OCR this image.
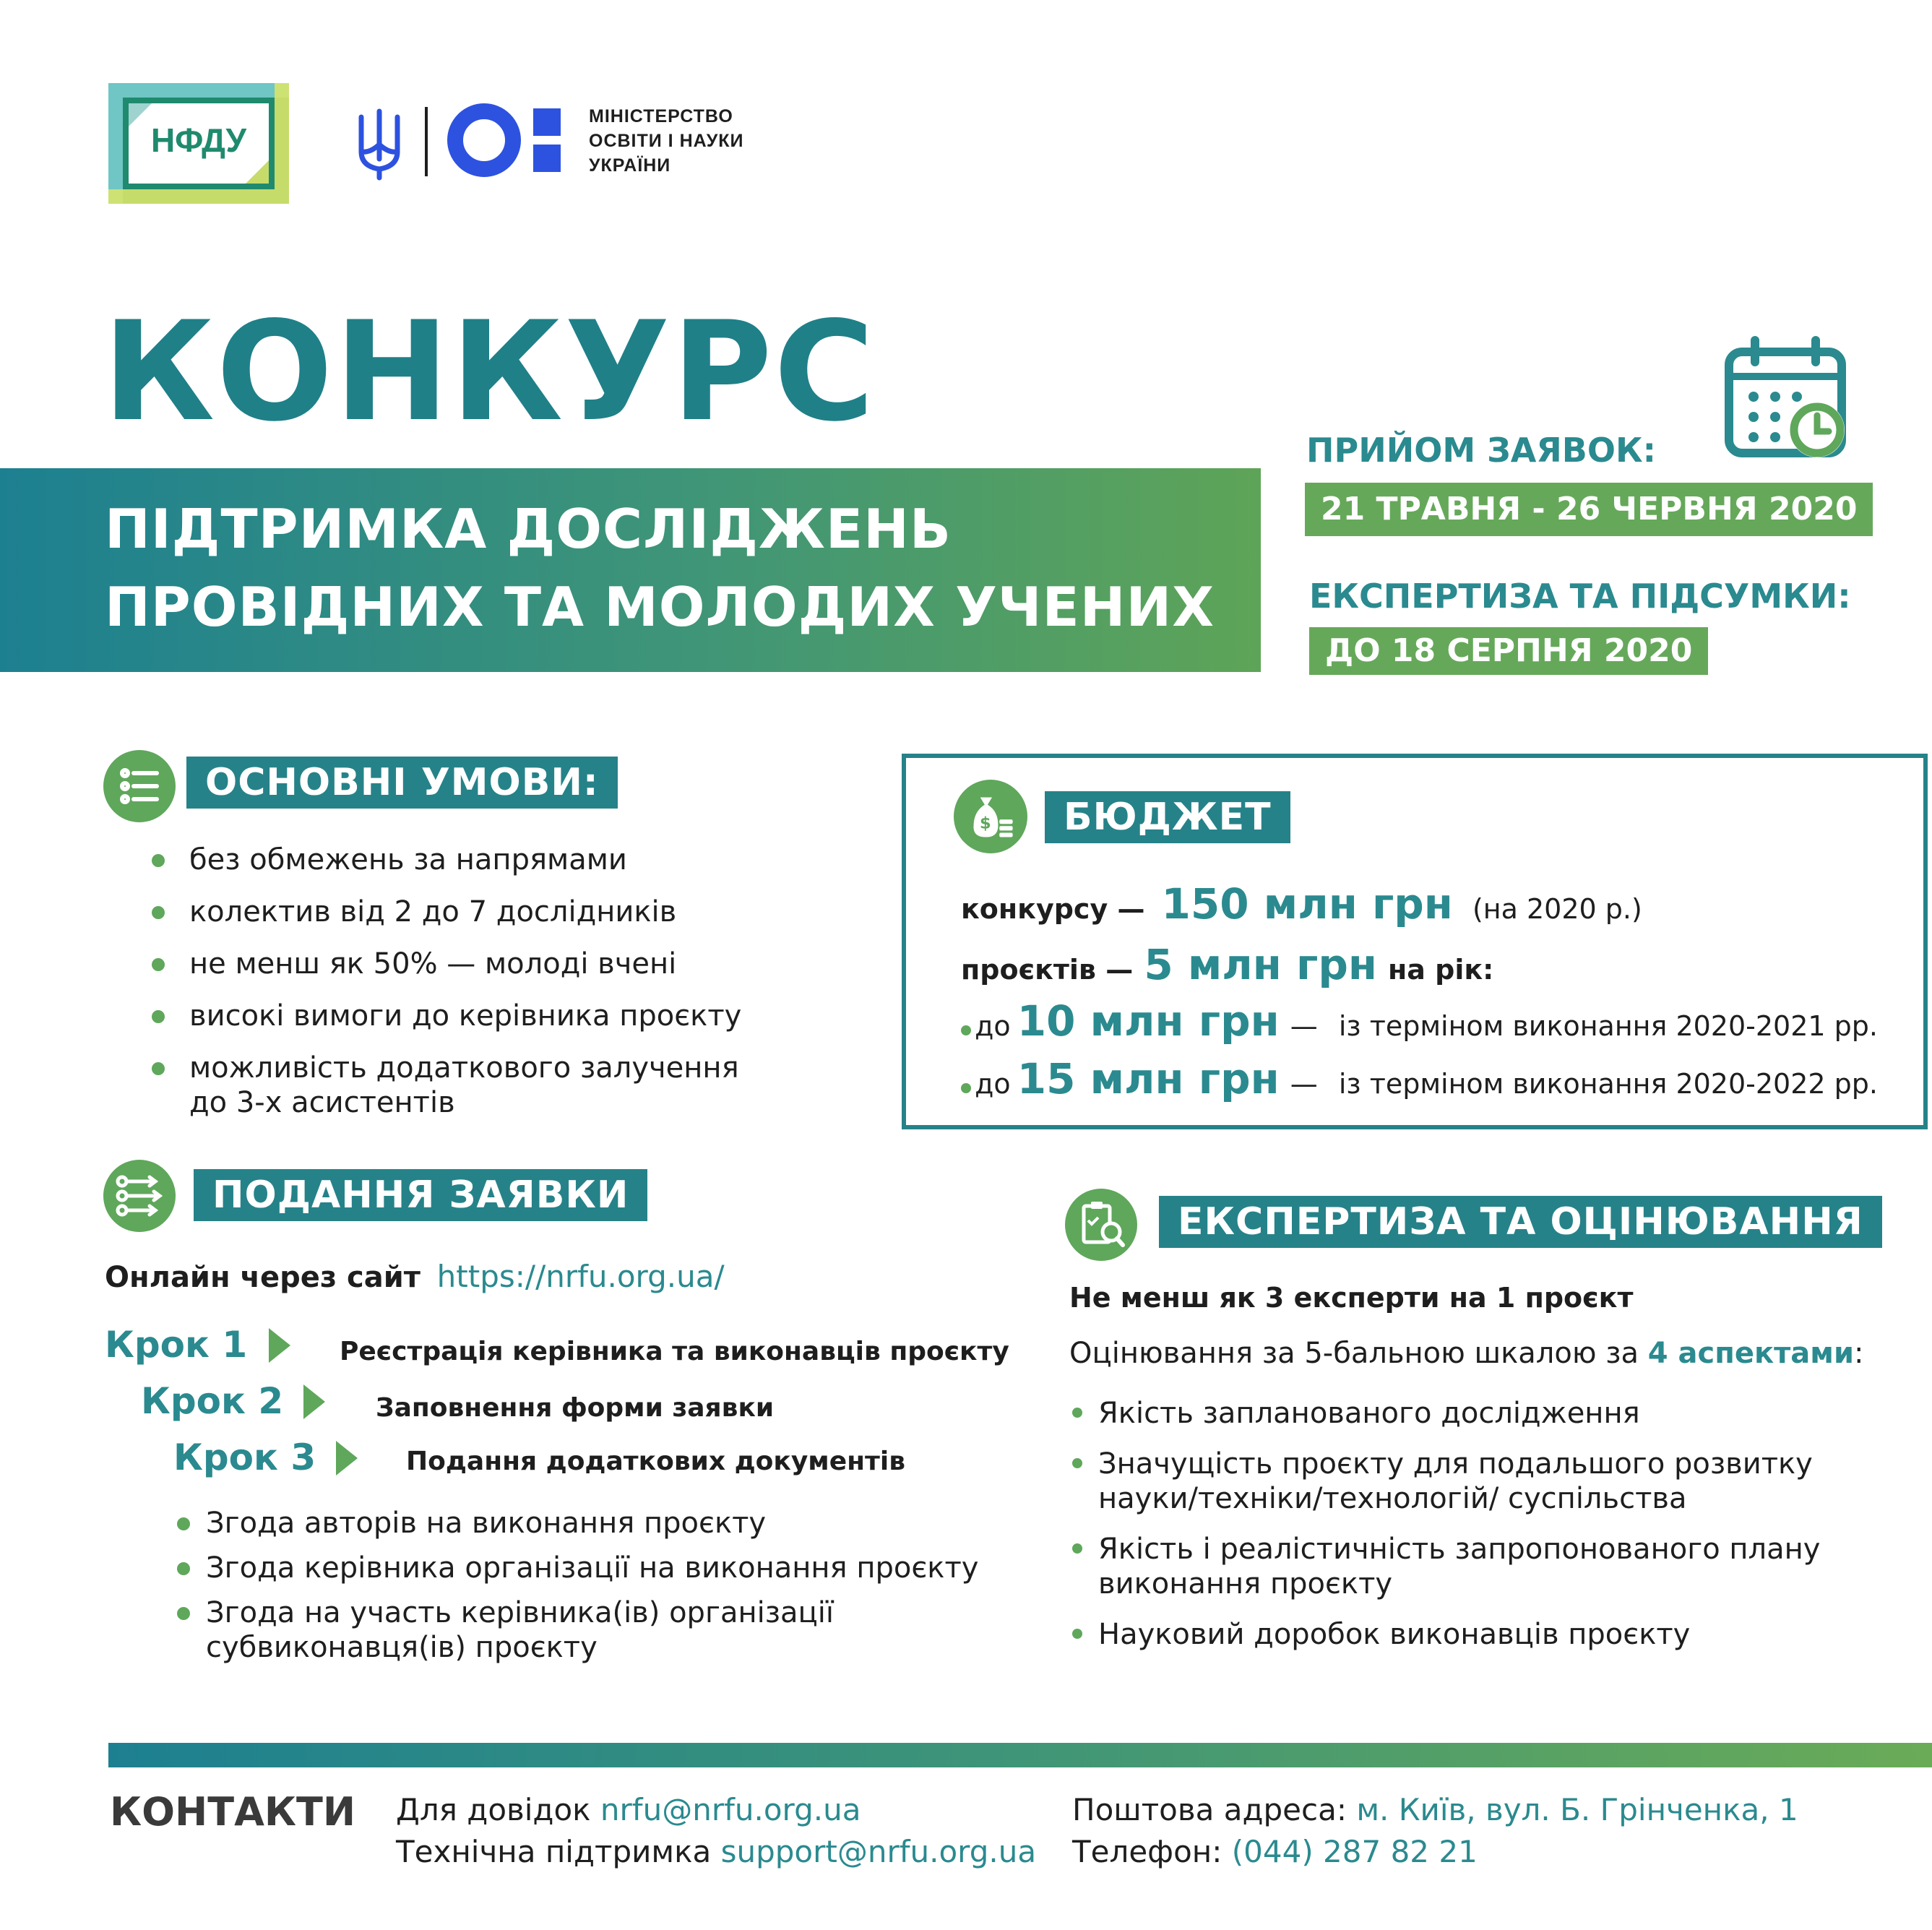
НФДУ
МІНІСТЕРСТВО
ОСВІТИ І НАУКИ
УКРАЇНИ
КОНКУРС
ПІДТРИМКА ДОСЛІДЖЕНЬ
ПРОВІДНИХ ТА МОЛОДИХ УЧЕНИХ
ПРИЙОМ ЗАЯВОК:
21 ТРАВНЯ - 26 ЧЕРВНЯ 2020
ЕКСПЕРТИЗА ТА ПІДСУМКИ:
ДО 18 СЕРПНЯ 2020
ОСНОВНІ УМОВИ:
без обмежень за напрямами
колектив від 2 до 7 дослідників
не менш як 50% — молоді вчені
високі вимоги до керівника проєкту
можливість додаткового залучення
до 3-х асистентів
$	БЮДЖЕТ
конкурсу — 150 млн грн (на 2020 р.)
проєктів — 5 млн грн на рік:
до 10 млн грн — із терміном виконання 2020-2021 рр.
до 15 млн грн — із терміном виконання 2020-2022 рр.
ПОДАННЯ ЗАЯВКИ
Онлайн через сайт https://nrfu.org.ua/
Крок 1	Реєстрація керівника та виконавців проєкту
Крок 2	Заповнення форми заявки
Крок 3	Подання додаткових документів
Згода авторів на виконання проєкту
Згода керівника організації на виконання проєкту
Згода на участь керівника(ів) організації
субвиконавця(ів) проєкту
ЕКСПЕРТИЗА ТА ОЦІНЮВАННЯ
Не менш як 3 експерти на 1 проєкт
Оцінювання за 5-бальною шкалою за 4 аспектами:
Якість запланованого дослідження
Значущість проєкту для подальшого розвитку
науки/техніки/технологій/ суспільства
Якість і реалістичність запропонованого плану
виконання проєкту
Науковий доробок виконавців проєкту
КОНТАКТИ Для довідок nrfu@nrfu.org.ua
Технічна підтримка support@nrfu.org.ua
Поштова адреса: м. Київ, вул. Б. Грінченка, 1
Телефон: (044) 287 82 21
